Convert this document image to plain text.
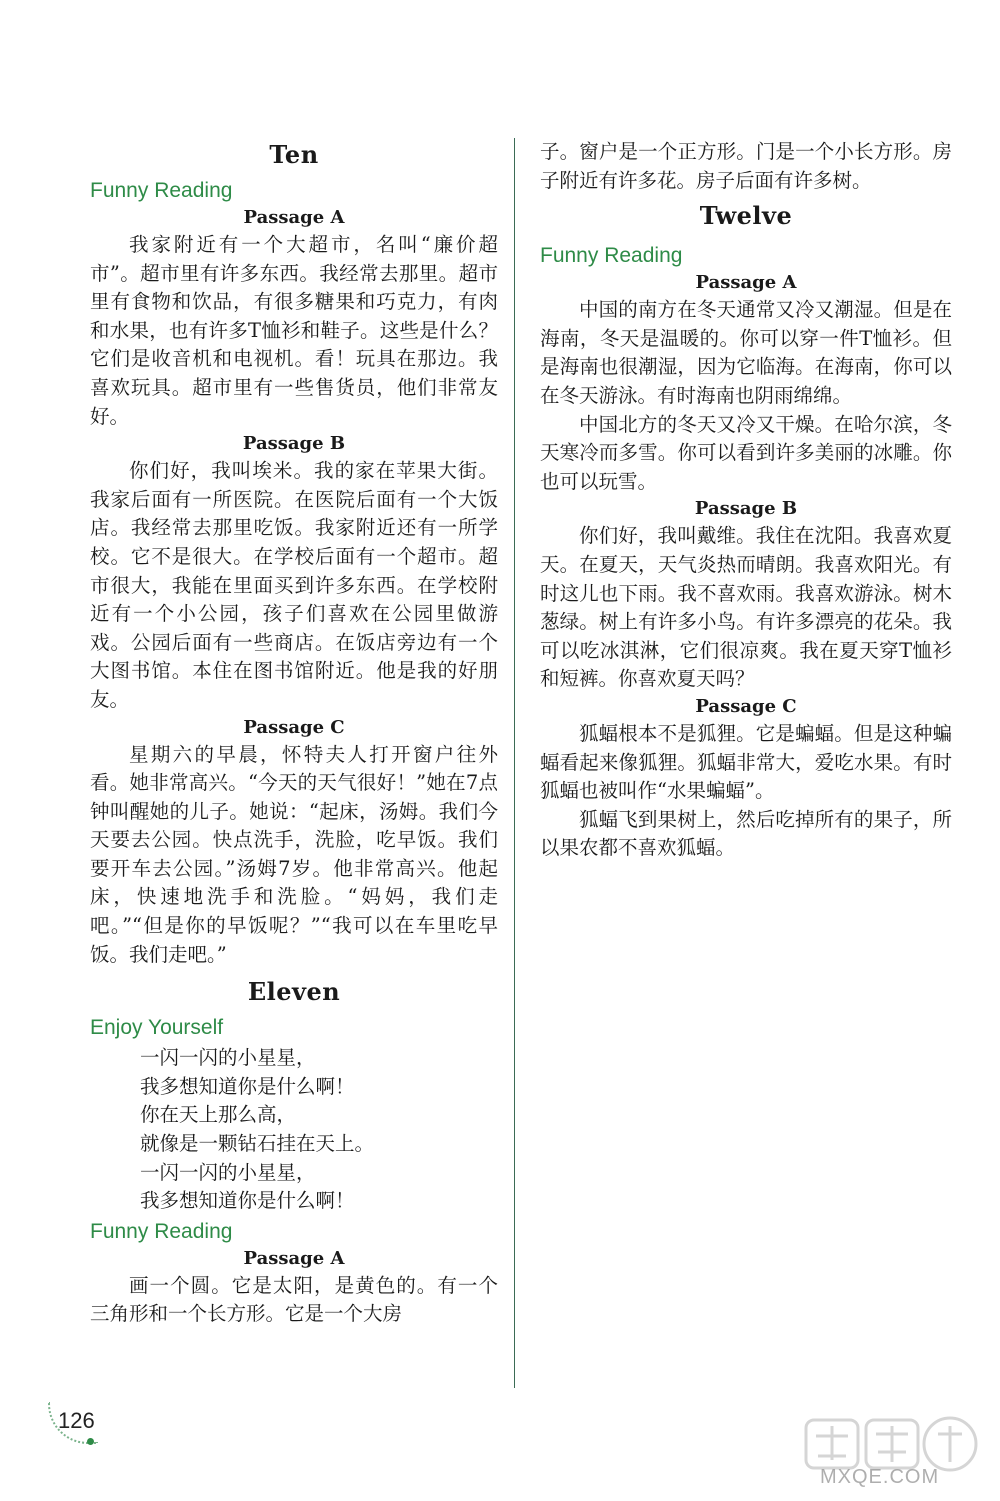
Ten
Funny Reading
Passage A

我家附近有一个大超市，名叫“廉价超市”。超市里有许多东西。我经常去那里。超市里有食物和饮品，有很多糖果和巧克力，有肉和水果，也有许多T恤衫和鞋子。这些是什么？它们是收音机和电视机。看！玩具在那边。我喜欢玩具。超市里有一些售货员，他们非常友好。

Passage B

你们好，我叫埃米。我的家在苹果大街。我家后面有一所医院。在医院后面有一个大饭店。我经常去那里吃饭。我家附近还有一所学校。它不是很大。在学校后面有一个超市。超市很大，我能在里面买到许多东西。在学校附近有一个小公园，孩子们喜欢在公园里做游戏。公园后面有一些商店。在饭店旁边有一个大图书馆。本住在图书馆附近。他是我的好朋友。

Passage C

星期六的早晨，怀特夫人打开窗户往外看。她非常高兴。“今天的天气很好！”她在7点钟叫醒她的儿子。她说：“起床，汤姆。我们今天要去公园。快点洗手，洗脸，吃早饭。我们要开车去公园。”汤姆7岁。他非常高兴。他起床，快速地洗手和洗脸。“妈妈，我们走吧。”“但是你的早饭呢？”“我可以在车里吃早饭。我们走吧。”

Eleven
Enjoy Yourself
一闪一闪的小星星，
我多想知道你是什么啊！
你在天上那么高，
就像是一颗钻石挂在天上。
一闪一闪的小星星，
我多想知道你是什么啊！
Funny Reading
Passage A

画一个圆。它是太阳，是黄色的。有一个三角形和一个长方形。它是一个大房

子。窗户是一个正方形。门是一个小长方形。房子附近有许多花。房子后面有许多树。

Twelve
Funny Reading
Passage A

中国的南方在冬天通常又冷又潮湿。但是在海南，冬天是温暖的。你可以穿一件T恤衫。但是海南也很潮湿，因为它临海。在海南，你可以在冬天游泳。有时海南也阴雨绵绵。

中国北方的冬天又冷又干燥。在哈尔滨，冬天寒冷而多雪。你可以看到许多美丽的冰雕。你也可以玩雪。

Passage B

你们好，我叫戴维。我住在沈阳。我喜欢夏天。在夏天，天气炎热而晴朗。我喜欢阳光。有时这儿也下雨。我不喜欢雨。我喜欢游泳。树木葱绿。树上有许多小鸟。有许多漂亮的花朵。我可以吃冰淇淋，它们很凉爽。我在夏天穿T恤衫和短裤。你喜欢夏天吗？

Passage C

狐蝠根本不是狐狸。它是蝙蝠。但是这种蝙蝠看起来像狐狸。狐蝠非常大，爱吃水果。有时狐蝠也被叫作“水果蝙蝠”。

狐蝠飞到果树上，然后吃掉所有的果子，所以果农都不喜欢狐蝠。

126
MXQE.COM
